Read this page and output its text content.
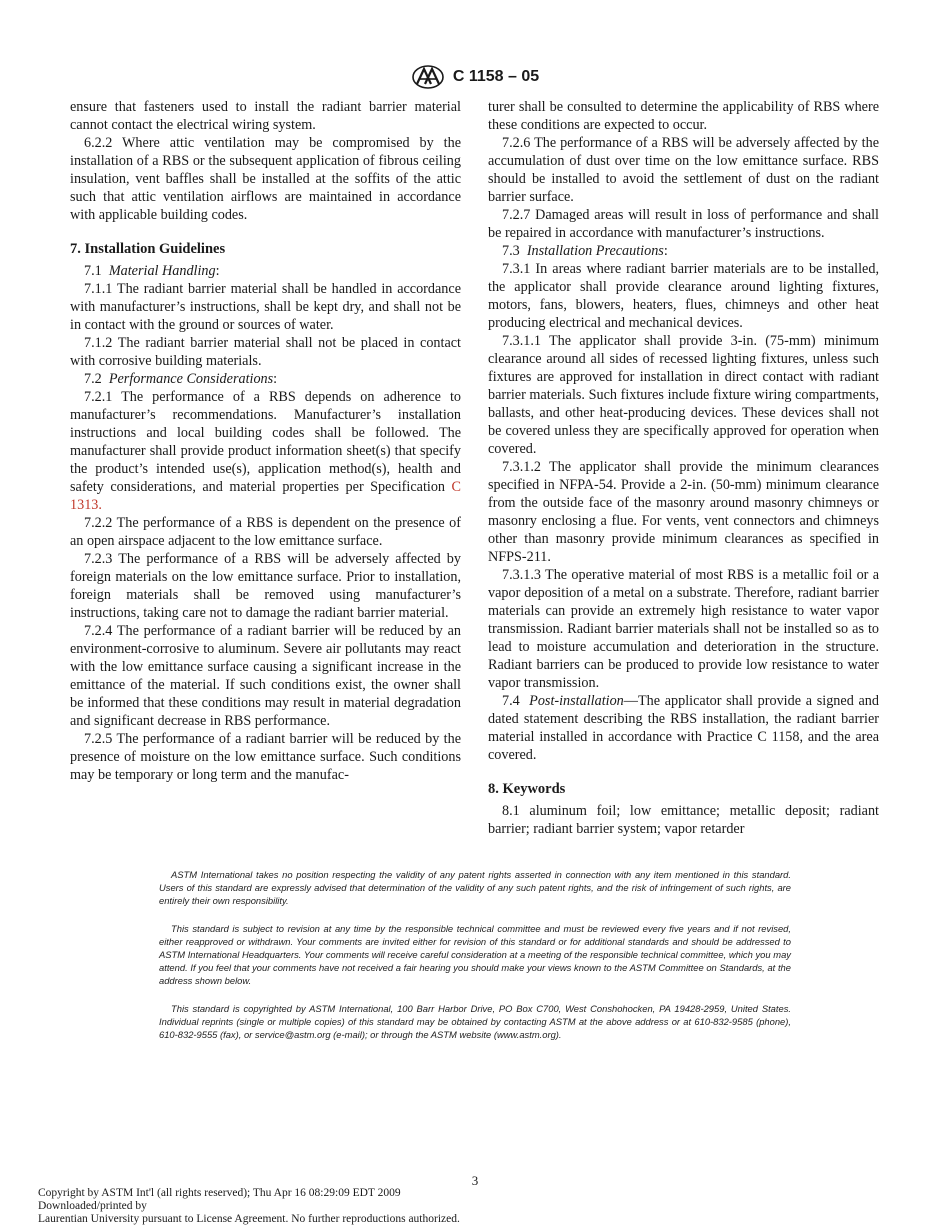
C 1158 – 05

ensure that fasteners used to install the radiant barrier material cannot contact the electrical wiring system.

6.2.2 Where attic ventilation may be compromised by the installation of a RBS or the subsequent application of fibrous ceiling insulation, vent baffles shall be installed at the soffits of the attic such that attic ventilation airflows are maintained in accordance with applicable building codes.

7. Installation Guidelines

7.1 Material Handling:

7.1.1 The radiant barrier material shall be handled in accordance with manufacturer’s instructions, shall be kept dry, and shall not be in contact with the ground or sources of water.

7.1.2 The radiant barrier material shall not be placed in contact with corrosive building materials.

7.2 Performance Considerations:

7.2.1 The performance of a RBS depends on adherence to manufacturer’s recommendations. Manufacturer’s installation instructions and local building codes shall be followed. The manufacturer shall provide product information sheet(s) that specify the product’s intended use(s), application method(s), health and safety considerations, and material properties per Specification C 1313.

7.2.2 The performance of a RBS is dependent on the presence of an open airspace adjacent to the low emittance surface.

7.2.3 The performance of a RBS will be adversely affected by foreign materials on the low emittance surface. Prior to installation, foreign materials shall be removed using manufacturer’s instructions, taking care not to damage the radiant barrier material.

7.2.4 The performance of a radiant barrier will be reduced by an environment-corrosive to aluminum. Severe air pollutants may react with the low emittance surface causing a significant increase in the emittance of the material. If such conditions exist, the owner shall be informed that these conditions may result in material degradation and significant decrease in RBS performance.

7.2.5 The performance of a radiant barrier will be reduced by the presence of moisture on the low emittance surface. Such conditions may be temporary or long term and the manufac-

turer shall be consulted to determine the applicability of RBS where these conditions are expected to occur.

7.2.6 The performance of a RBS will be adversely affected by the accumulation of dust over time on the low emittance surface. RBS should be installed to avoid the settlement of dust on the radiant barrier surface.

7.2.7 Damaged areas will result in loss of performance and shall be repaired in accordance with manufacturer’s instructions.

7.3 Installation Precautions:

7.3.1 In areas where radiant barrier materials are to be installed, the applicator shall provide clearance around lighting fixtures, motors, fans, blowers, heaters, flues, chimneys and other heat producing electrical and mechanical devices.

7.3.1.1 The applicator shall provide 3-in. (75-mm) minimum clearance around all sides of recessed lighting fixtures, unless such fixtures are approved for installation in direct contact with radiant barrier materials. Such fixtures include fixture wiring compartments, ballasts, and other heat-producing devices. These devices shall not be covered unless they are specifically approved for operation when covered.

7.3.1.2 The applicator shall provide the minimum clearances specified in NFPA-54. Provide a 2-in. (50-mm) minimum clearance from the outside face of the masonry around masonry chimneys or masonry enclosing a flue. For vents, vent connectors and chimneys other than masonry provide minimum clearances as specified in NFPS-211.

7.3.1.3 The operative material of most RBS is a metallic foil or a vapor deposition of a metal on a substrate. Therefore, radiant barrier materials can provide an extremely high resistance to water vapor transmission. Radiant barrier materials shall not be installed so as to lead to moisture accumulation and deterioration in the structure. Radiant barriers can be produced to provide low resistance to water vapor transmission.

7.4 Post-installation—The applicator shall provide a signed and dated statement describing the RBS installation, the radiant barrier material installed in accordance with Practice C 1158, and the area covered.

8. Keywords

8.1 aluminum foil; low emittance; metallic deposit; radiant barrier; radiant barrier system; vapor retarder

ASTM International takes no position respecting the validity of any patent rights asserted in connection with any item mentioned in this standard. Users of this standard are expressly advised that determination of the validity of any such patent rights, and the risk of infringement of such rights, are entirely their own responsibility.

This standard is subject to revision at any time by the responsible technical committee and must be reviewed every five years and if not revised, either reapproved or withdrawn. Your comments are invited either for revision of this standard or for additional standards and should be addressed to ASTM International Headquarters. Your comments will receive careful consideration at a meeting of the responsible technical committee, which you may attend. If you feel that your comments have not received a fair hearing you should make your views known to the ASTM Committee on Standards, at the address shown below.

This standard is copyrighted by ASTM International, 100 Barr Harbor Drive, PO Box C700, West Conshohocken, PA 19428-2959, United States. Individual reprints (single or multiple copies) of this standard may be obtained by contacting ASTM at the above address or at 610-832-9585 (phone), 610-832-9555 (fax), or service@astm.org (e-mail); or through the ASTM website (www.astm.org).

3
Copyright by ASTM Int'l (all rights reserved); Thu Apr 16 08:29:09 EDT 2009
Downloaded/printed by
Laurentian University pursuant to License Agreement. No further reproductions authorized.
